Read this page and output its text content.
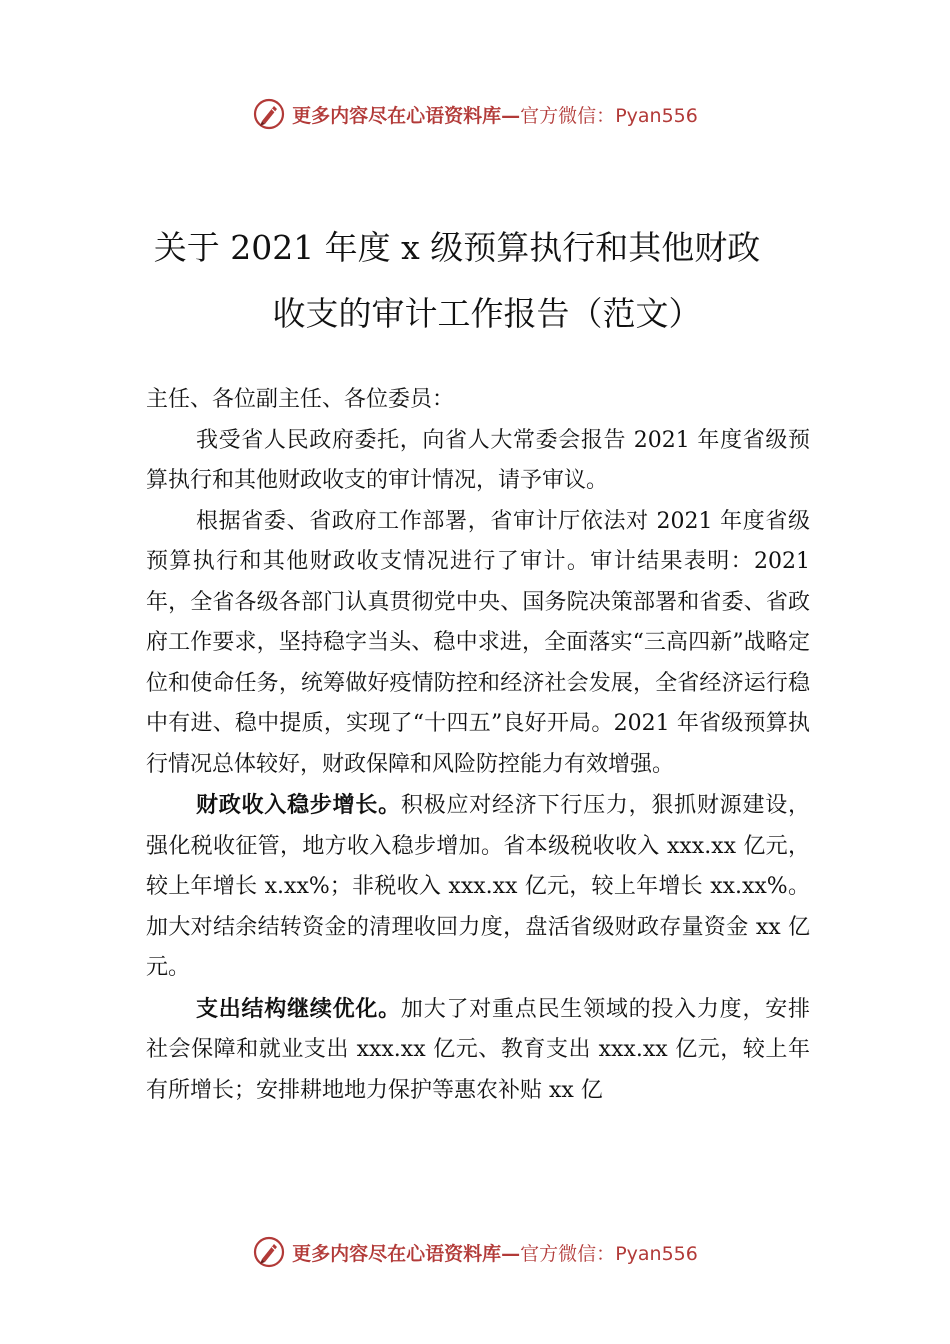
更多内容尽在心语资料库—官方微信：Pyan556
关于 2021 年度 x 级预算执行和其他财政
收支的审计工作报告（范文）

主任、各位副主任、各位委员：

我受省人民政府委托，向省人大常委会报告 2021 年度省级预算执行和其他财政收支的审计情况，请予审议。

根据省委、省政府工作部署，省审计厅依法对 2021 年度省级预算执行和其他财政收支情况进行了审计。审计结果表明：2021 年，全省各级各部门认真贯彻党中央、国务院决策部署和省委、省政府工作要求，坚持稳字当头、稳中求进，全面落实“三高四新”战略定位和使命任务，统筹做好疫情防控和经济社会发展，全省经济运行稳中有进、稳中提质，实现了“十四五”良好开局。2021 年省级预算执行情况总体较好，财政保障和风险防控能力有效增强。

财政收入稳步增长。积极应对经济下行压力，狠抓财源建设，强化税收征管，地方收入稳步增加。省本级税收收入 xxx.xx 亿元，较上年增长 x.xx%；非税收入 xxx.xx 亿元，较上年增长 xx.xx%。加大对结余结转资金的清理收回力度，盘活省级财政存量资金 xx 亿元。

支出结构继续优化。加大了对重点民生领域的投入力度，安排社会保障和就业支出 xxx.xx 亿元、教育支出 xxx.xx 亿元，较上年有所增长；安排耕地地力保护等惠农补贴 xx 亿

更多内容尽在心语资料库—官方微信：Pyan556
